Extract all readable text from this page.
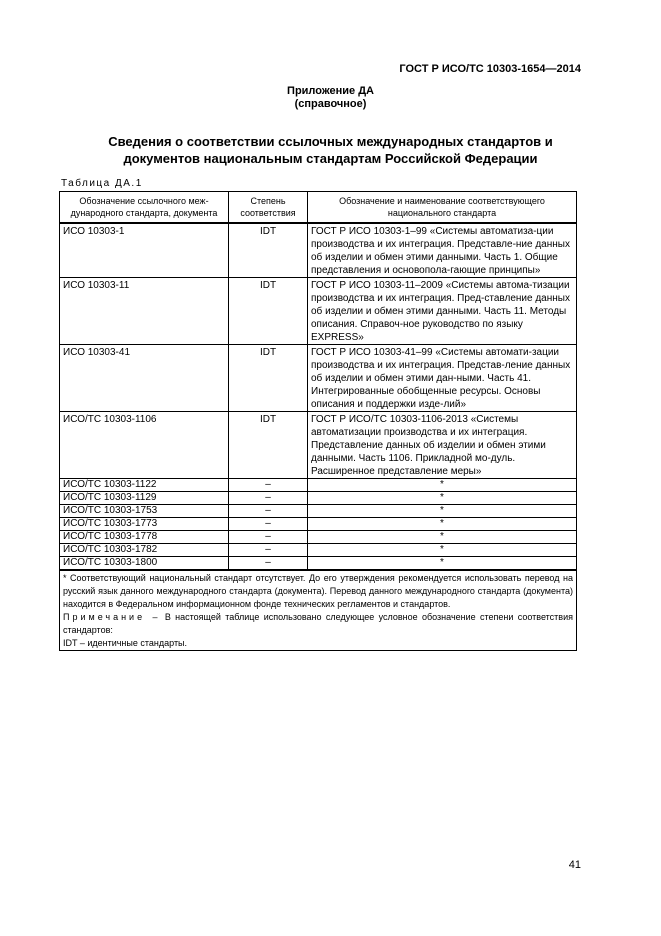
ГОСТ Р ИСО/ТС 10303-1654—2014
Приложение ДА
(справочное)
Сведения о соответствии ссылочных международных стандартов и
документов национальным стандартам Российской Федерации
Таблица ДА.1
Обозначение ссылочного меж-дународного стандарта, документа	Степень соответствия	Обозначение и наименование соответствующего национального стандарта
ИСО 10303-1	IDT	ГОСТ Р ИСО 10303-1–99 «Системы автоматиза-ции производства и их интеграция. Представле-ние данных об изделии и обмен этими данными. Часть 1. Общие представления и основопола-гающие принципы»
ИСО 10303-11	IDT	ГОСТ Р ИСО 10303-11–2009 «Системы автома-тизации производства и их интеграция. Пред-ставление данных об изделии и обмен этими данными. Часть 11. Методы описания. Справоч-ное руководство по языку EXPRESS»
ИСО 10303-41	IDT	ГОСТ Р ИСО 10303-41–99 «Системы автомати-зации производства и их интеграция. Представ-ление данных об изделии и обмен этими дан-ными. Часть 41. Интегрированные обобщенные ресурсы. Основы описания и поддержки изде-лий»
ИСО/ТС 10303-1106	IDT	ГОСТ Р ИСО/ТС 10303-1106-2013 «Системы автоматизации производства и их интеграция. Представление данных об изделии и обмен этими данными. Часть 1106. Прикладной мо-дуль. Расширенное представление меры»
ИСО/ТС 10303-1122	–	*
ИСО/ТС 10303-1129	–	*
ИСО/ТС 10303-1753	–	*
ИСО/ТС 10303-1773	–	*
ИСО/ТС 10303-1778	–	*
ИСО/ТС 10303-1782	–	*
ИСО/ТС 10303-1800	–	*

* Соответствующий национальный стандарт отсутствует. До его утверждения рекомендуется использовать перевод на русский язык данного международного стандарта (документа). Перевод данного международного стандарта (документа) находится в Федеральном информационном фонде технических регламентов и стандартов.
Примечание – В настоящей таблице использовано следующее условное обозначение степени соответствия стандартов:
IDT – идентичные стандарты.		
41
